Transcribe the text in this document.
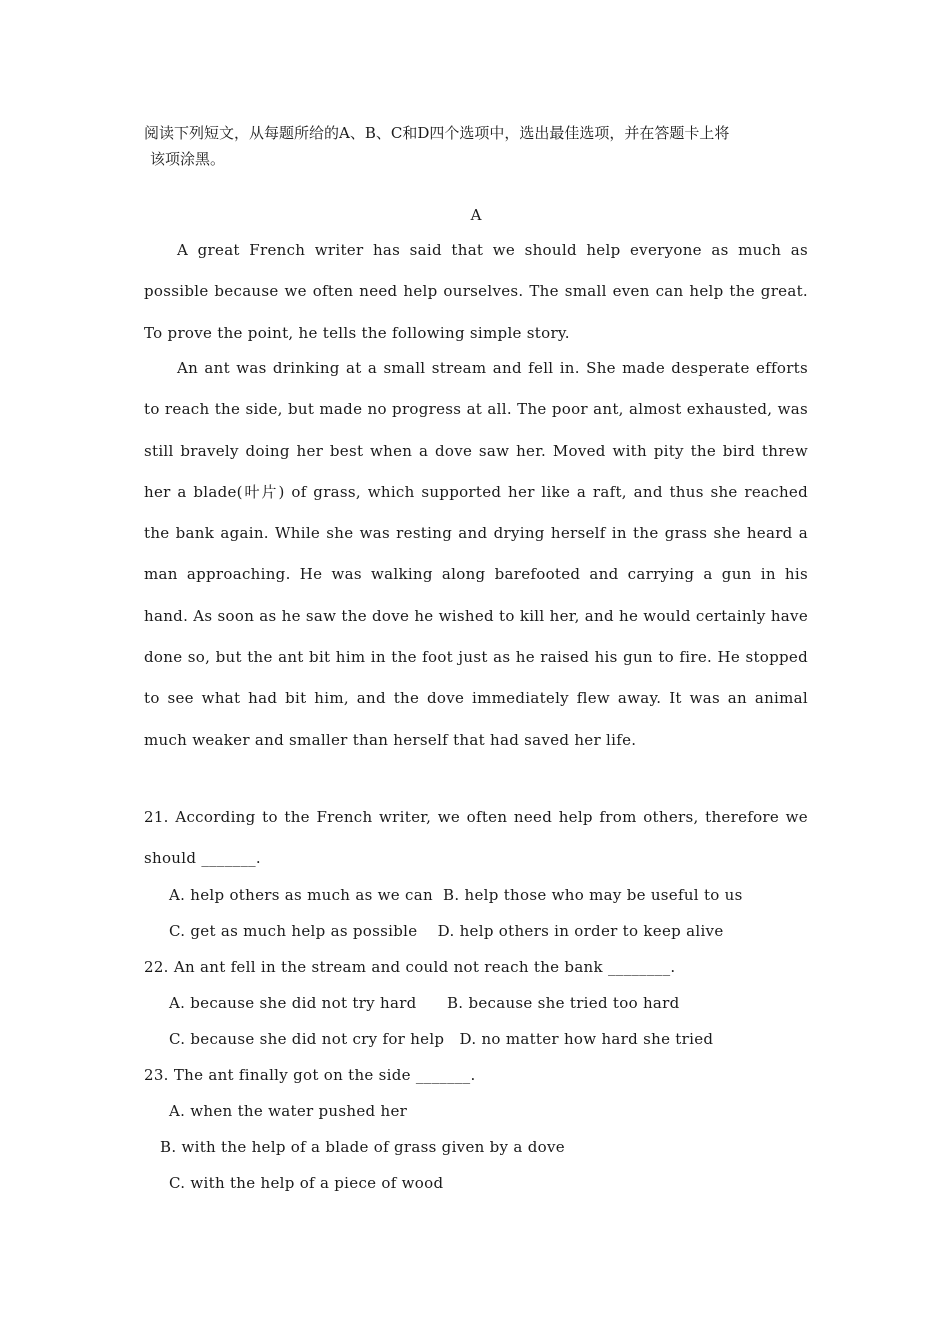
阅读下列短文，从每题所给的A、B、C和D四个选项中，选出最佳选项，并在答题卡上将
该项涂黑。
A
A great French writer has said that we should help everyone as much as possible because we often need help ourselves. The small even can help the great. To prove the point, he tells the following simple story.
An ant was drinking at a small stream and fell in. She made desperate efforts to reach the side, but made no progress at all. The poor ant, almost exhausted, was still bravely doing her best when a dove saw her. Moved with pity the bird threw her a blade(叶片) of grass, which supported her like a raft, and thus she reached the bank again. While she was resting and drying herself in the grass she heard a man approaching. He was walking along barefooted and carrying a gun in his hand. As soon as he saw the dove he wished to kill her, and he would certainly have done so, but the ant bit him in the foot just as he raised his gun to fire. He stopped to see what had bit him, and the dove immediately flew away. It was an animal much weaker and smaller than herself that had saved her life.
21. According to the French writer, we often need help from others, therefore we should _______.
A. help others as much as we can  B. help those who may be useful to us
C. get as much help as possible    D. help others in order to keep alive
22. An ant fell in the stream and could not reach the bank ________.
A. because she did not try hard      B. because she tried too hard
C. because she did not cry for help   D. no matter how hard she tried
23. The ant finally got on the side _______.
A. when the water pushed her
B. with the help of a blade of grass given by a dove
C. with the help of a piece of wood
